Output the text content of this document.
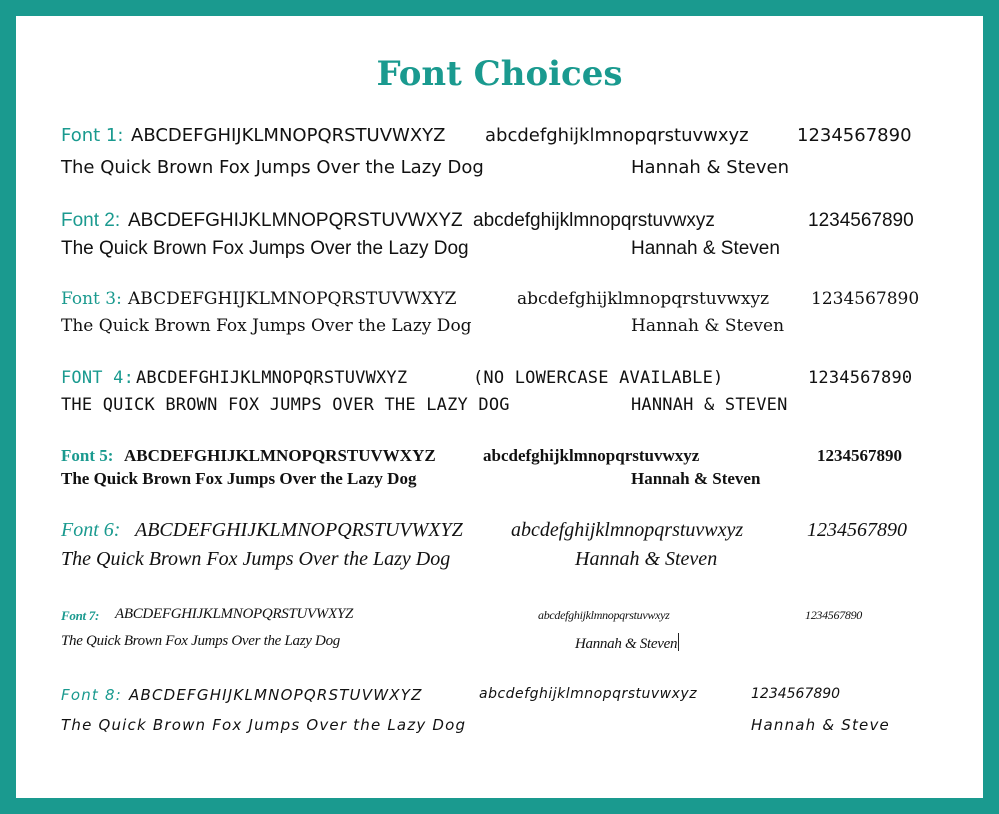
Font Choices
Font 1: ABCDEFGHIJKLMNOPQRSTUVWXYZ abcdefghijklmnopqrstuvwxyz	1234567890
The Quick Brown Fox Jumps Over the Lazy Dog	Hannah & Steven
Font 2: ABCDEFGHIJKLMNOPQRSTUVWXYZ abcdefghijklmnopqrstuvwxyz	1234567890
The Quick Brown Fox Jumps Over the Lazy Dog	Hannah & Steven
Font 3: ABCDEFGHIJKLMNOPQRSTUVWXYZ	abcdefghijklmnopqrstuvwxyz 1234567890
The Quick Brown Fox Jumps Over the Lazy Dog	Hannah & Steven
FONT 4: ABCDEFGHIJKLMNOPQRSTUVWXYZ	(NO LOWERCASE AVAILABLE)	1234567890
THE QUICK BROWN FOX JUMPS OVER THE LAZY DOG	HANNAH & STEVEN
Font 5: ABCDEFGHIJKLMNOPQRSTUVWXYZ	abcdefghijklmnopqrstuvwxyz	1234567890
The Quick Brown Fox Jumps Over the Lazy Dog	Hannah & Steven
Font 6: ABCDEFGHIJKLMNOPQRSTUVWXYZ abcdefghijklmnopqrstuvwxyz	1234567890
The Quick Brown Fox Jumps Over the Lazy Dog	Hannah & Steven
Font 7: ABCDEFGHIJKLMNOPQRSTUVWXYZ	abcdefghijklmnopqrstuvwxyz	1234567890
The Quick Brown Fox Jumps Over the Lazy Dog	Hannah & Steven
Font 8: ABCDEFGHIJKLMNOPQRSTUVWXYZ	abcdefghijklmnopqrstuvwxyz	1234567890
The Quick Brown Fox Jumps Over the Lazy Dog	Hannah & Steve
